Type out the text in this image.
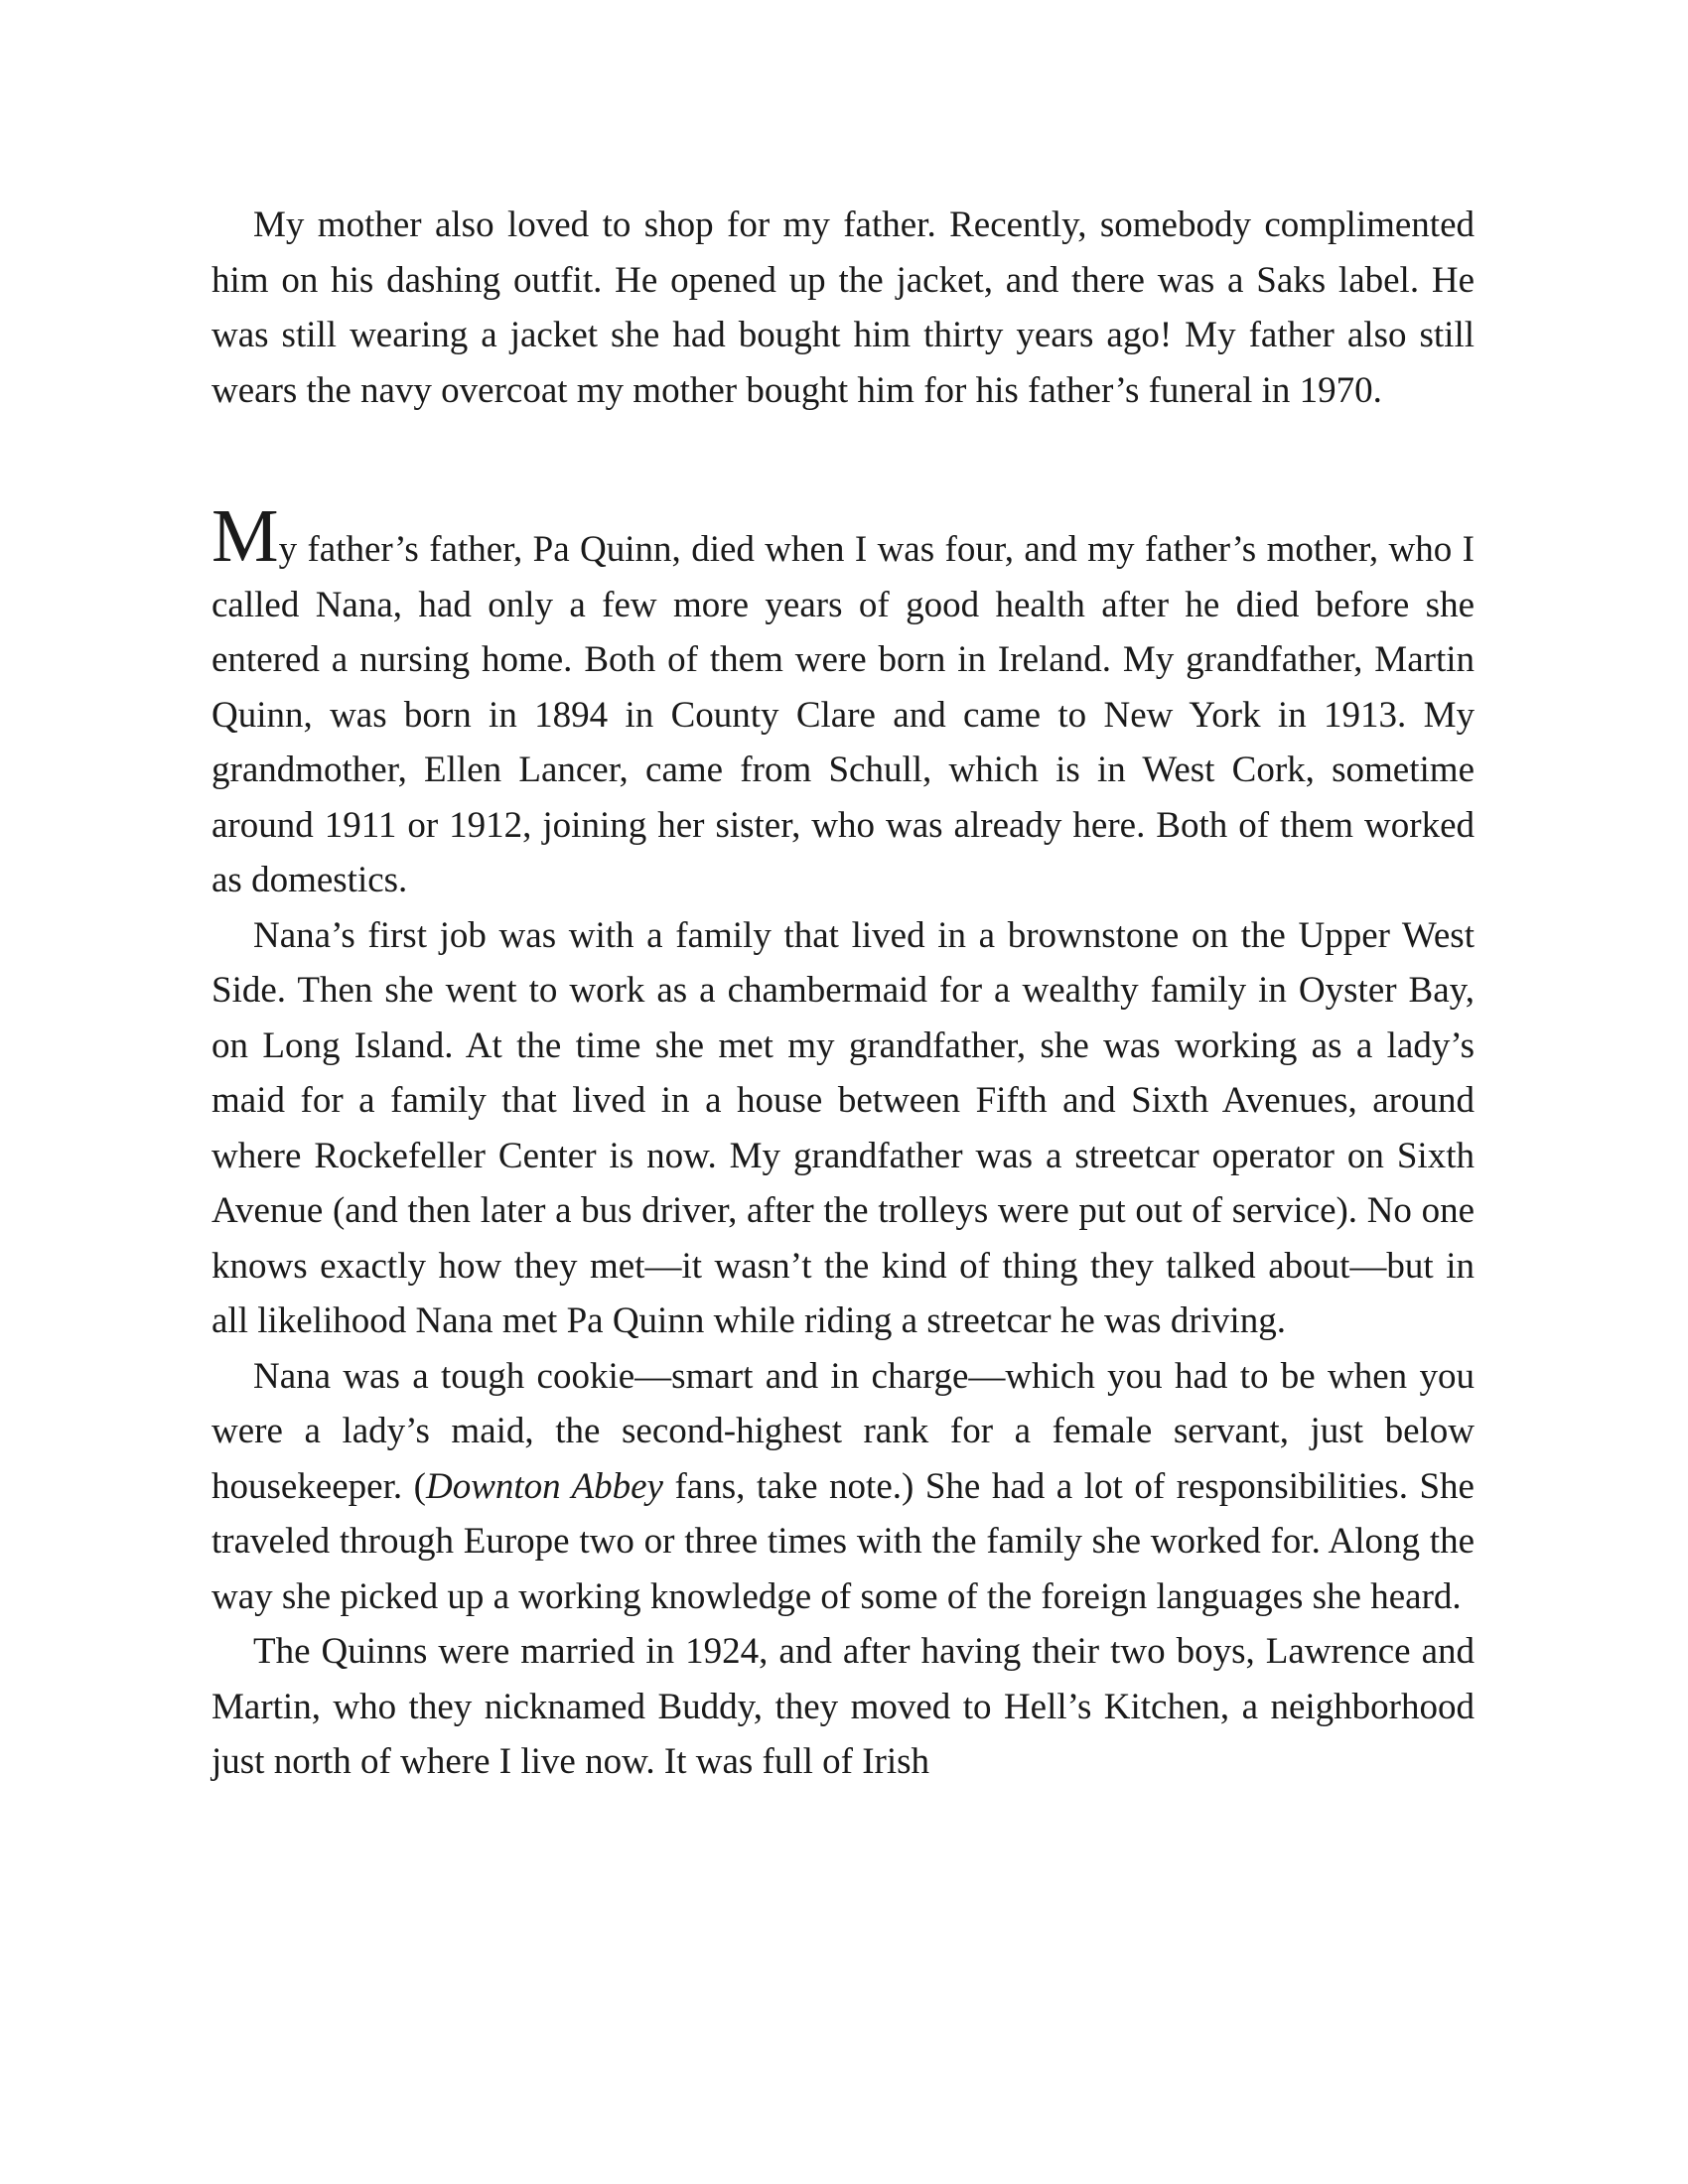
My mother also loved to shop for my father. Recently, somebody complimented him on his dashing outfit. He opened up the jacket, and there was a Saks label. He was still wearing a jacket she had bought him thirty years ago! My father also still wears the navy overcoat my mother bought him for his father’s funeral in 1970.

My father’s father, Pa Quinn, died when I was four, and my father’s mother, who I called Nana, had only a few more years of good health after he died before she entered a nursing home. Both of them were born in Ireland. My grandfather, Martin Quinn, was born in 1894 in County Clare and came to New York in 1913. My grandmother, Ellen Lancer, came from Schull, which is in West Cork, sometime around 1911 or 1912, joining her sister, who was already here. Both of them worked as domestics.

Nana’s first job was with a family that lived in a brownstone on the Upper West Side. Then she went to work as a chambermaid for a wealthy family in Oyster Bay, on Long Island. At the time she met my grandfather, she was working as a lady’s maid for a family that lived in a house between Fifth and Sixth Avenues, around where Rockefeller Center is now. My grandfather was a streetcar operator on Sixth Avenue (and then later a bus driver, after the trolleys were put out of service). No one knows exactly how they met—it wasn’t the kind of thing they talked about—but in all likelihood Nana met Pa Quinn while riding a streetcar he was driving.

Nana was a tough cookie—smart and in charge—which you had to be when you were a lady’s maid, the second-highest rank for a female servant, just below housekeeper. (Downton Abbey fans, take note.) She had a lot of responsibilities. She traveled through Europe two or three times with the family she worked for. Along the way she picked up a working knowledge of some of the foreign languages she heard.

The Quinns were married in 1924, and after having their two boys, Lawrence and Martin, who they nicknamed Buddy, they moved to Hell’s Kitchen, a neighborhood just north of where I live now. It was full of Irish
